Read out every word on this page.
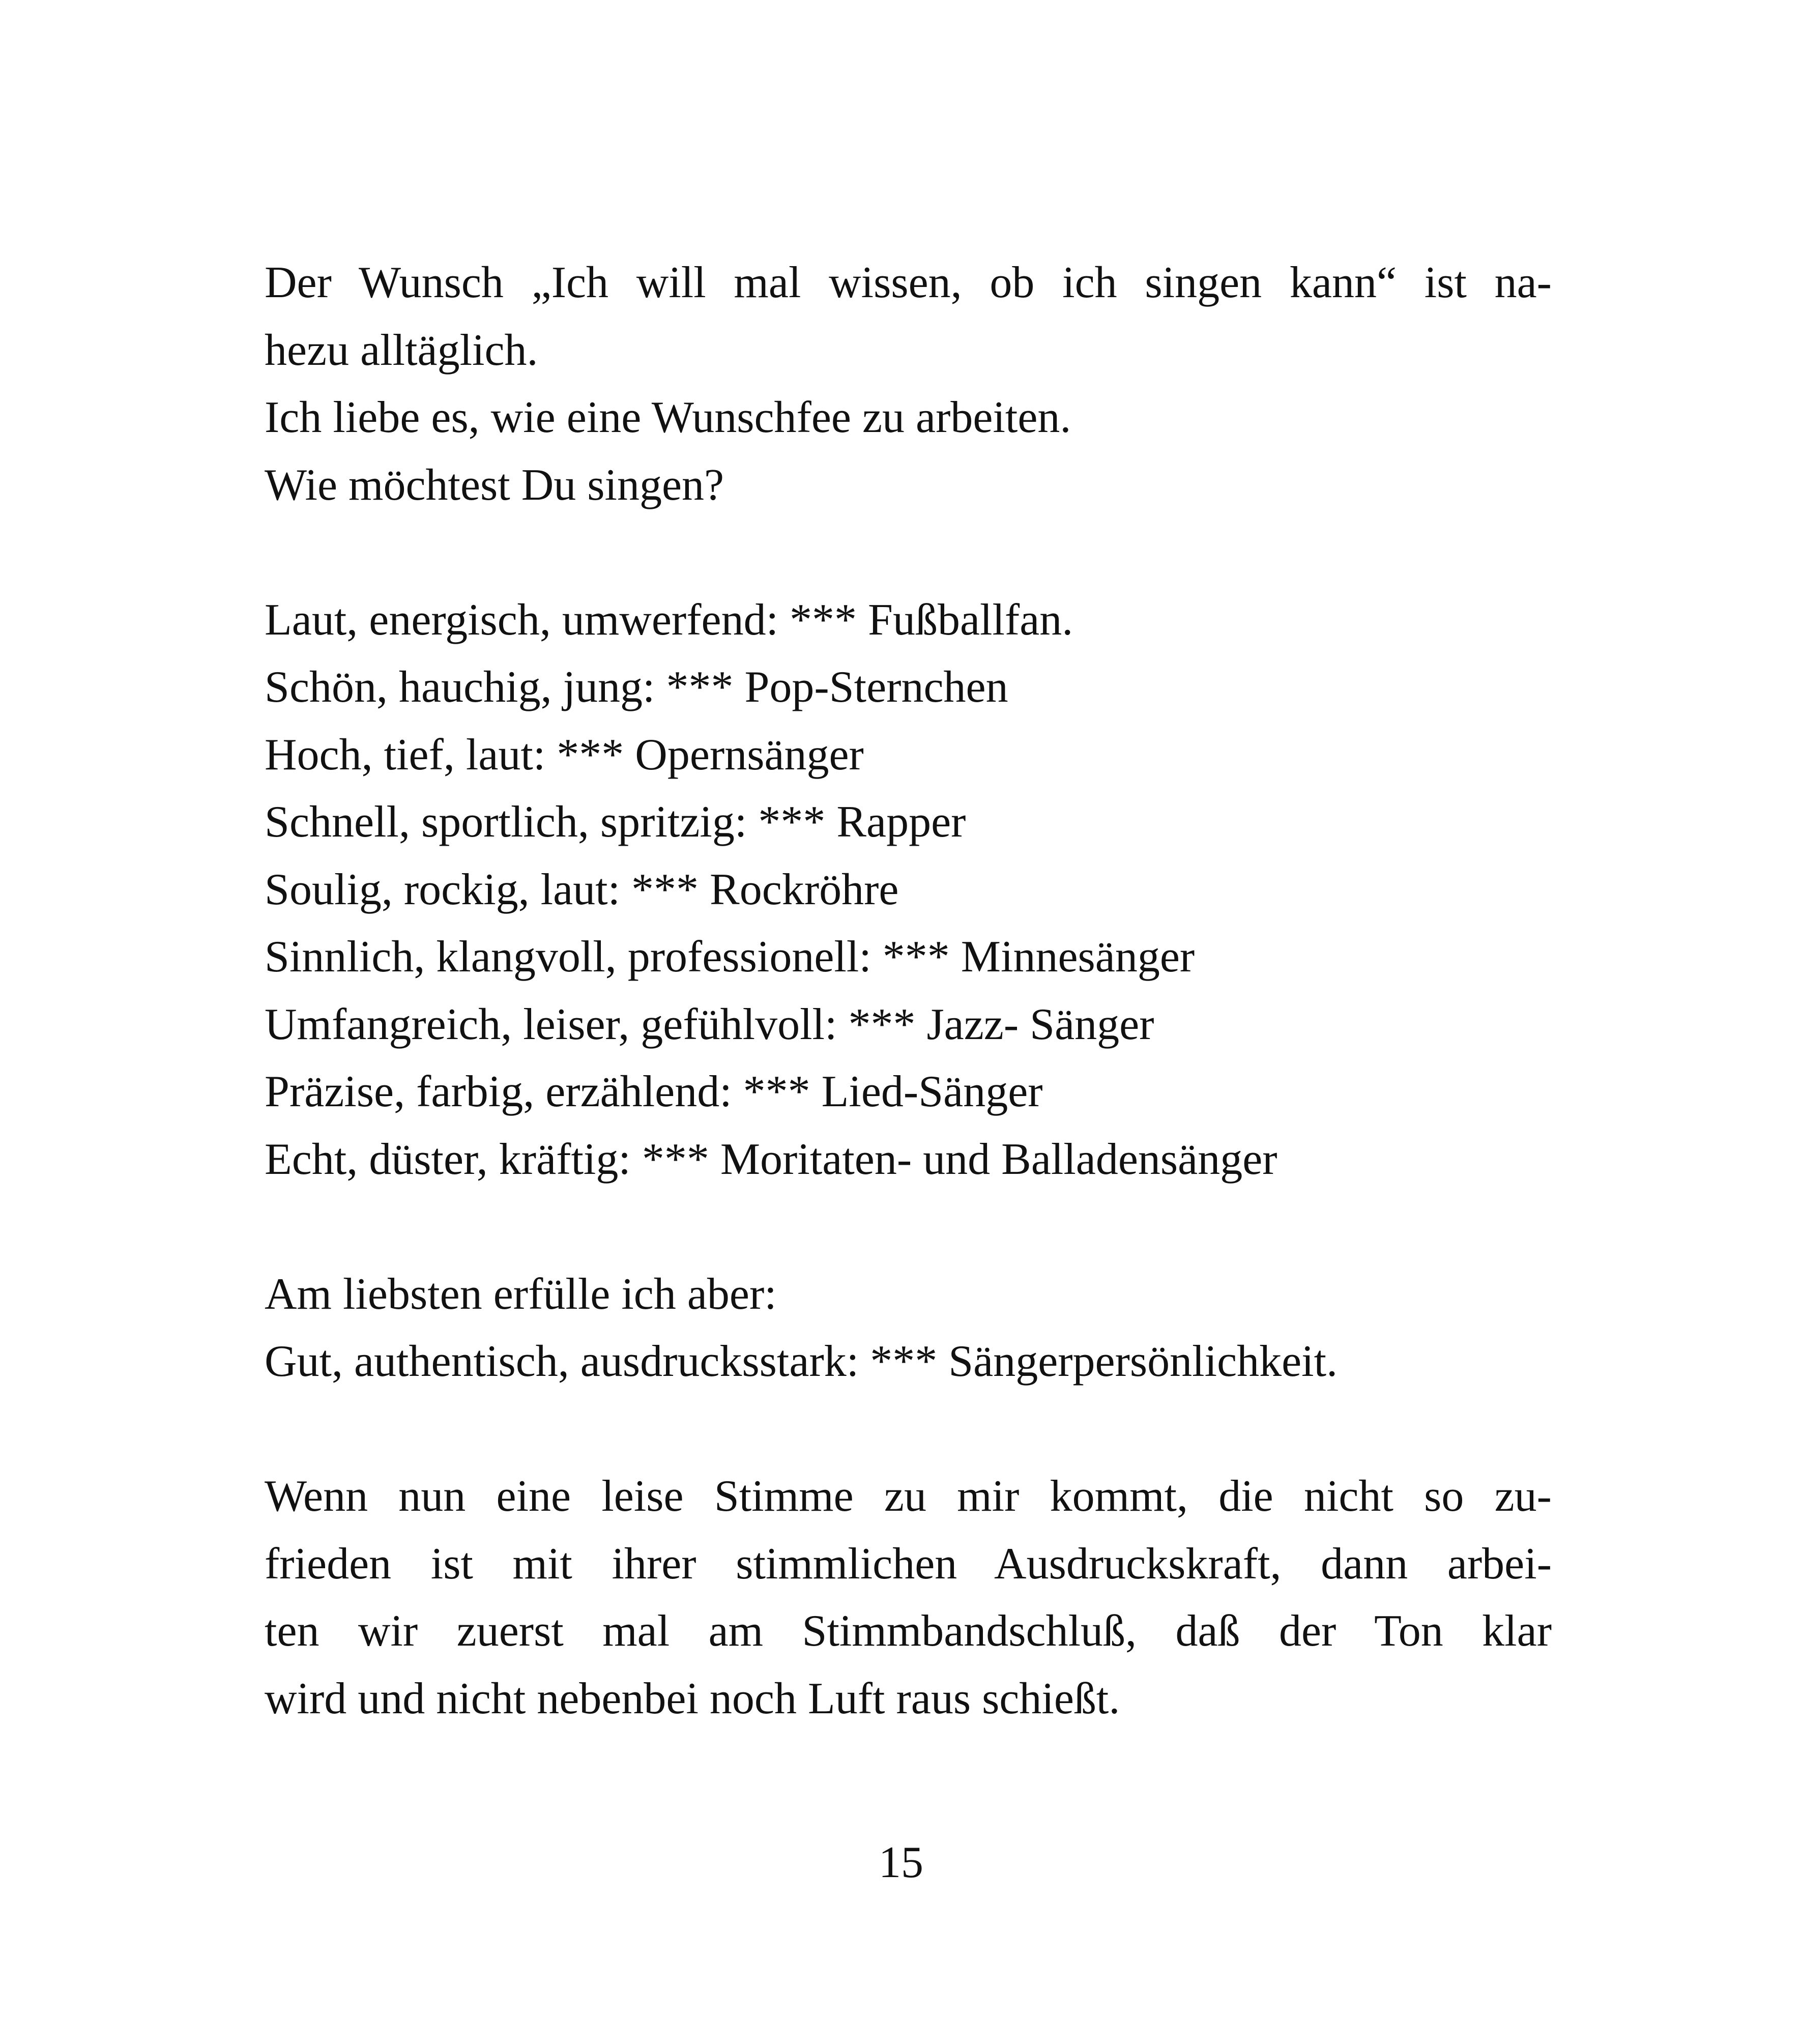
Der Wunsch „Ich will mal wissen, ob ich singen kann“ ist na-
hezu alltäglich.
Ich liebe es, wie eine Wunschfee zu arbeiten.
Wie möchtest Du singen?
Laut, energisch, umwerfend: *** Fußballfan.
Schön, hauchig, jung: *** Pop-Sternchen
Hoch, tief, laut: *** Opernsänger
Schnell, sportlich, spritzig: *** Rapper
Soulig, rockig, laut: *** Rockröhre
Sinnlich, klangvoll, professionell: *** Minnesänger
Umfangreich, leiser, gefühlvoll: *** Jazz- Sänger
Präzise, farbig, erzählend: *** Lied-Sänger
Echt, düster, kräftig: *** Moritaten- und Balladensänger
Am liebsten erfülle ich aber:
Gut, authentisch, ausdrucksstark: *** Sängerpersönlichkeit.
Wenn nun eine leise Stimme zu mir kommt, die nicht so zu-
frieden ist mit ihrer stimmlichen Ausdruckskraft, dann arbei-
ten wir zuerst mal am Stimmbandschluß, daß der Ton klar
wird und nicht nebenbei noch Luft raus schießt.
15
